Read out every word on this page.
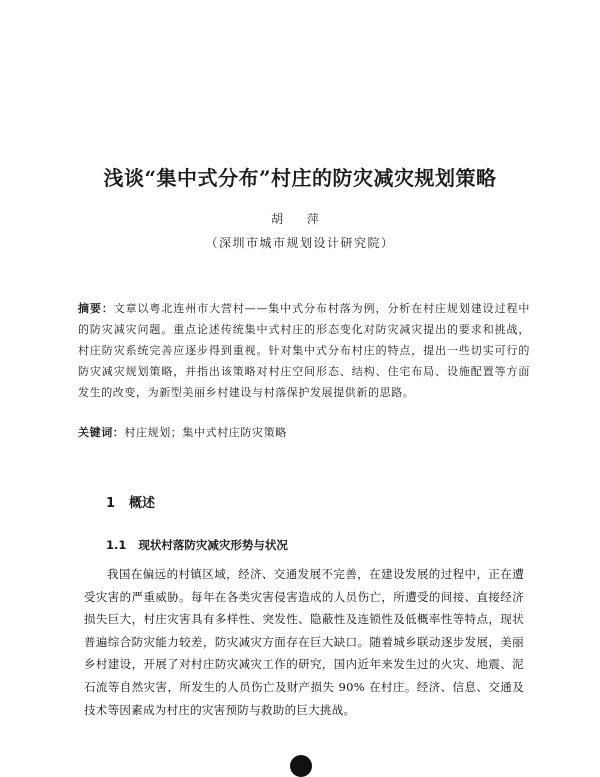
浅谈“集中式分布”村庄的防灾减灾规划策略
胡 萍
（深圳市城市规划设计研究院）
摘要：文章以粤北连州市大营村——集中式分布村落为例，分析在村庄规划建设过程中的防灾减灾问题。重点论述传统集中式村庄的形态变化对防灾减灾提出的要求和挑战，村庄防灾系统完善应逐步得到重视。针对集中式分布村庄的特点，提出一些切实可行的防灾减灾规划策略，并指出该策略对村庄空间形态、结构、住宅布局、设施配置等方面发生的改变，为新型美丽乡村建设与村落保护发展提供新的思路。
关键词：村庄规划；集中式村庄防灾策略
1 概述
1.1 现状村落防灾减灾形势与状况
我国在偏远的村镇区域，经济、交通发展不完善，在建设发展的过程中，正在遭受灾害的严重威胁。每年在各类灾害侵害造成的人员伤亡，所遭受的间接、直接经济损失巨大，村庄灾害具有多样性、突发性、隐蔽性及连锁性及低概率性等特点，现状普遍综合防灾能力较差，防灾减灾方面存在巨大缺口。随着城乡联动逐步发展，美丽乡村建设，开展了对村庄防灾减灾工作的研究，国内近年来发生过的火灾、地震、泥石流等自然灾害，所发生的人员伤亡及财产损失 90% 在村庄。经济、信息、交通及技术等因素成为村庄的灾害预防与救助的巨大挑战。
